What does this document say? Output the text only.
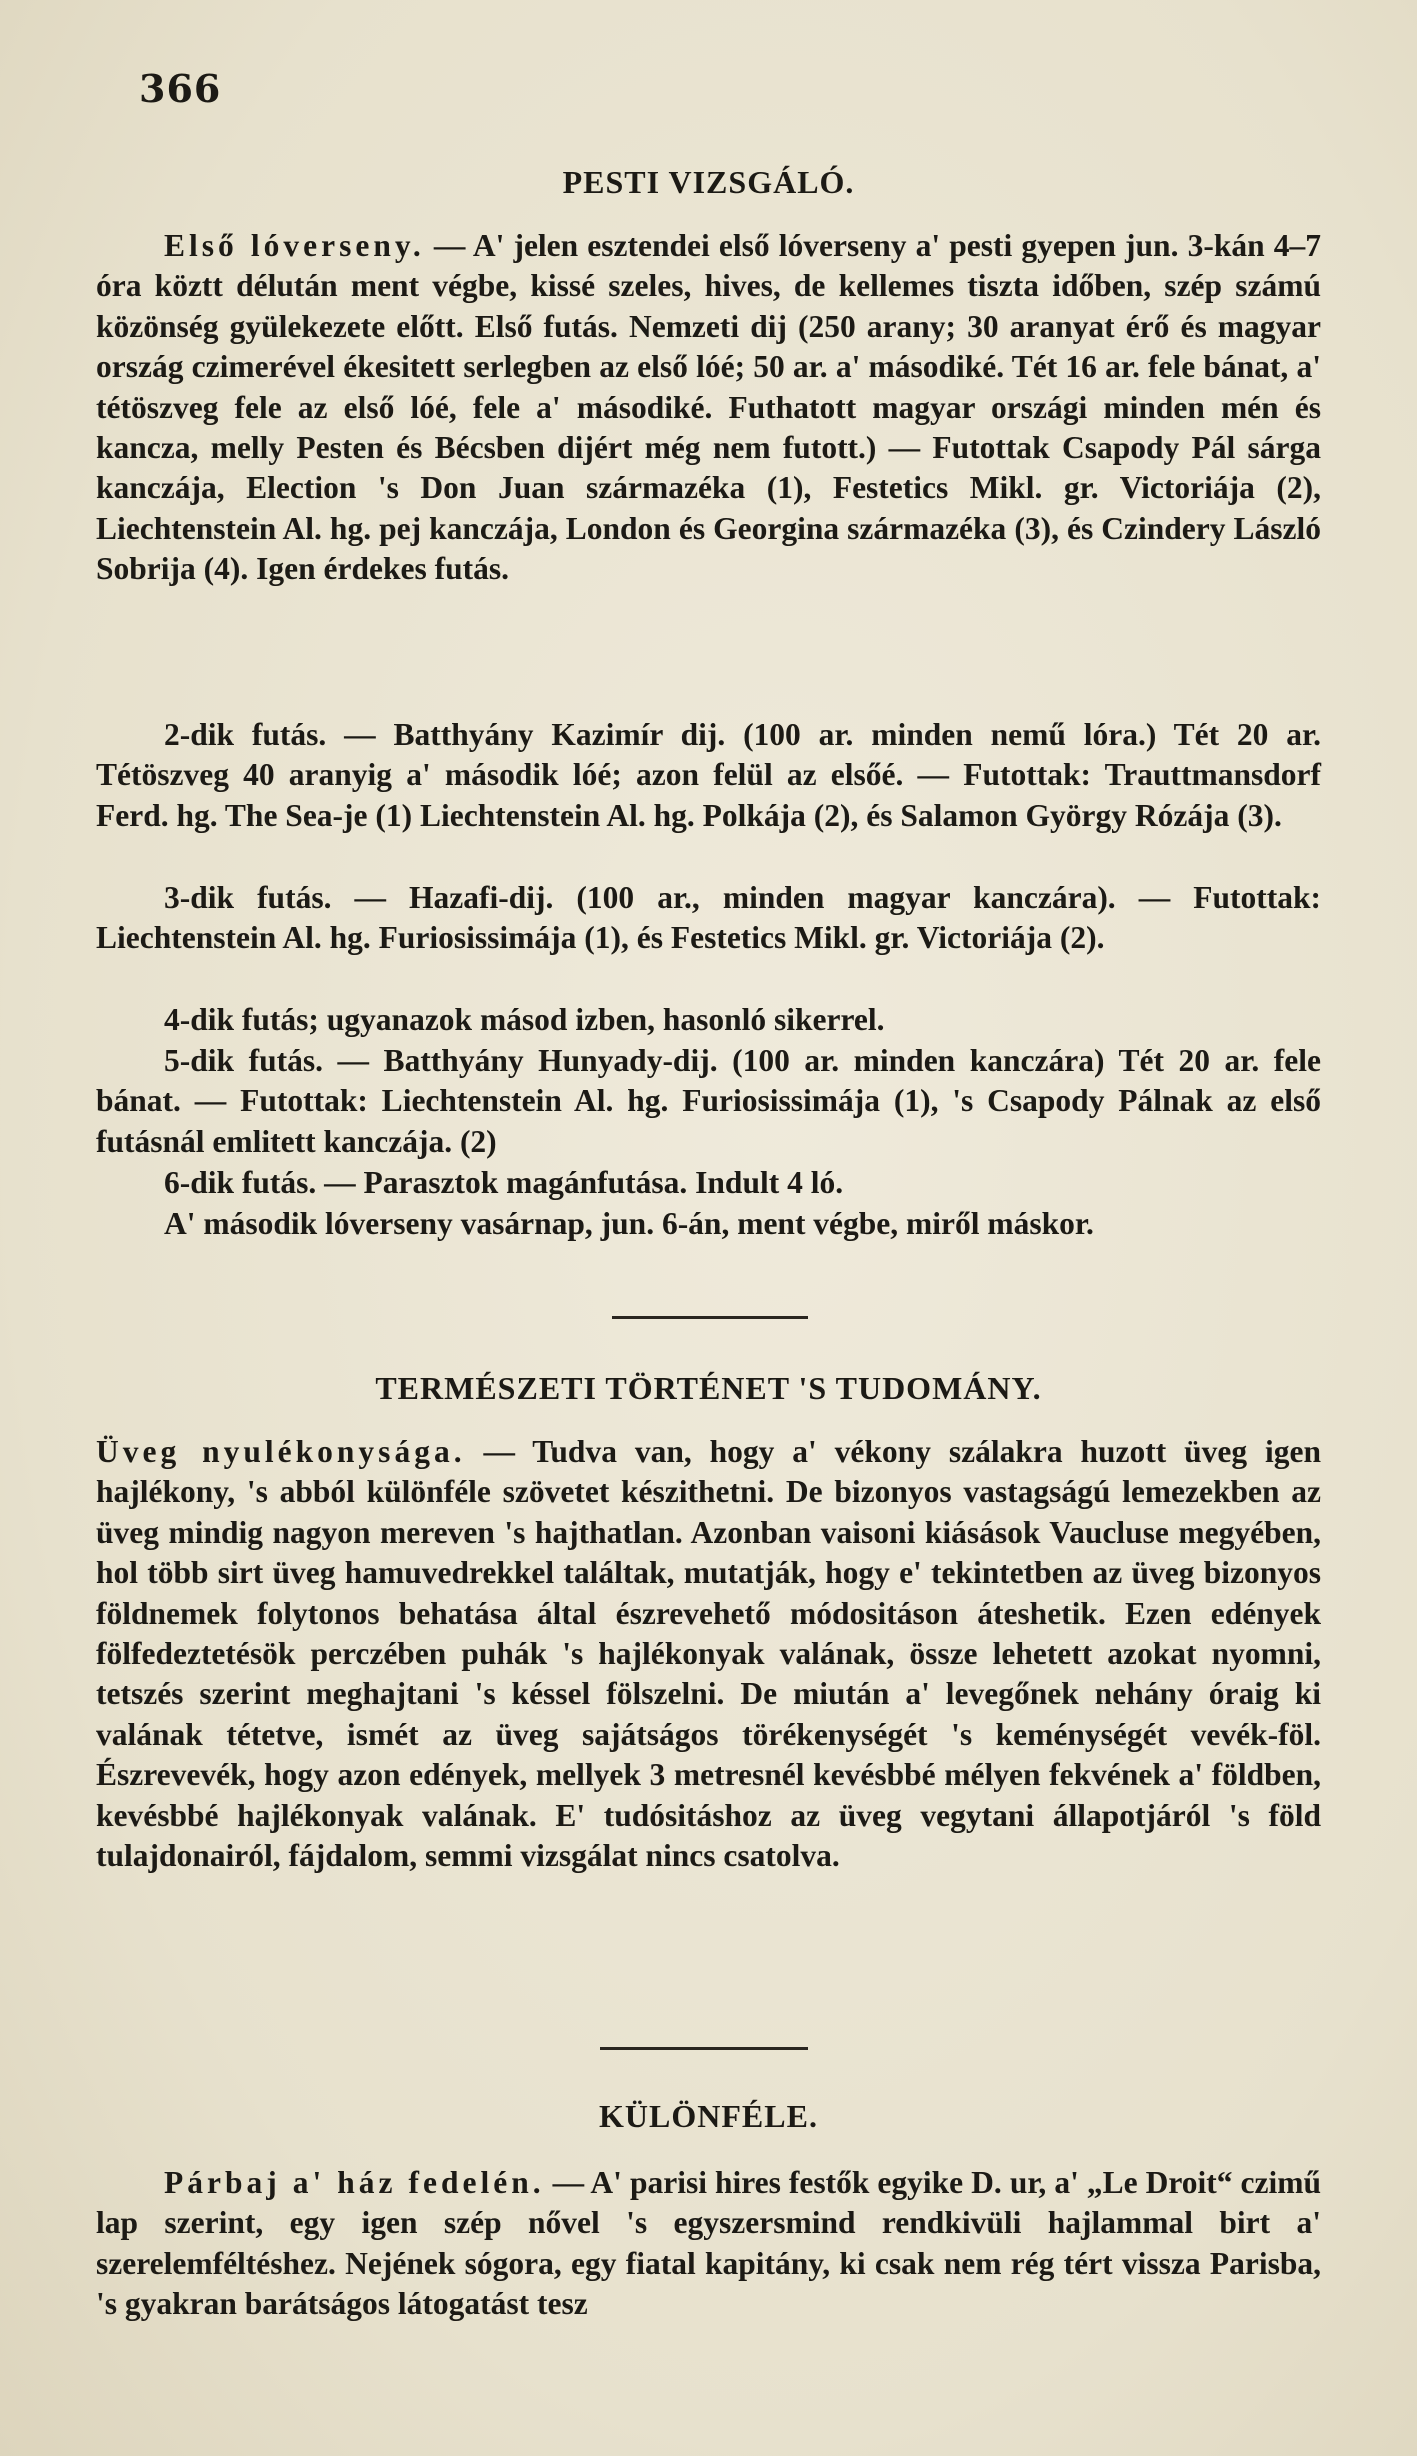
366
PESTI VIZSGÁLÓ.
Első lóverseny. — A' jelen esztendei első lóverseny a' pesti gyepen jun. 3-kán 4–7 óra köztt délután ment végbe, kissé szeles, hives, de kellemes tiszta időben, szép számú közönség gyülekezete előtt. Első futás. Nemzeti dij (250 arany; 30 aranyat érő és magyar ország czimerével ékesitett serlegben az első lóé; 50 ar. a' másodiké. Tét 16 ar. fele bánat, a' tétöszveg fele az első lóé, fele a' másodiké. Futhatott magyar országi minden mén és kancza, melly Pesten és Bécsben dijért még nem futott.) — Futottak Csapody Pál sárga kanczája, Election 's Don Juan származéka (1), Festetics Mikl. gr. Victoriája (2), Liechtenstein Al. hg. pej kanczája, London és Georgina származéka (3), és Czindery László Sobrija (4). Igen érdekes futás.
2-dik futás. — Batthyány Kazimír dij. (100 ar. minden nemű lóra.) Tét 20 ar. Tétöszveg 40 aranyig a' második lóé; azon felül az elsőé. — Futottak: Trauttmansdorf Ferd. hg. The Sea-je (1) Liechtenstein Al. hg. Polkája (2), és Salamon György Rózája (3).
3-dik futás. — Hazafi-dij. (100 ar., minden magyar kanczára). — Futottak: Liechtenstein Al. hg. Furiosissimája (1), és Festetics Mikl. gr. Victoriája (2).
4-dik futás; ugyanazok másod izben, hasonló sikerrel.
5-dik futás. — Batthyány Hunyady-dij. (100 ar. minden kanczára) Tét 20 ar. fele bánat. — Futottak: Liechtenstein Al. hg. Furiosissimája (1), 's Csapody Pálnak az első futásnál emlitett kanczája. (2)
6-dik futás. — Parasztok magánfutása. Indult 4 ló.
A' második lóverseny vasárnap, jun. 6-án, ment végbe, miről máskor.
TERMÉSZETI TÖRTÉNET 'S TUDOMÁNY.
Üveg nyulékonysága. — Tudva van, hogy a' vékony szálakra huzott üveg igen hajlékony, 's abból különféle szövetet készithetni. De bizonyos vastagságú lemezekben az üveg mindig nagyon mereven 's hajthatlan. Azonban vaisoni kiásások Vaucluse megyében, hol több sirt üveg hamuvedrekkel találtak, mutatják, hogy e' tekintetben az üveg bizonyos földnemek folytonos behatása által észrevehető módositáson áteshetik. Ezen edények fölfedeztetésök perczében puhák 's hajlékonyak valának, össze lehetett azokat nyomni, tetszés szerint meghajtani 's késsel fölszelni. De miután a' levegőnek nehány óraig ki valának tétetve, ismét az üveg sajátságos törékenységét 's keménységét vevék-föl. Észrevevék, hogy azon edények, mellyek 3 metresnél kevésbbé mélyen fekvének a' földben, kevésbbé hajlékonyak valának. E' tudósitáshoz az üveg vegytani állapotjáról 's föld tulajdonairól, fájdalom, semmi vizsgálat nincs csatolva.
KÜLÖNFÉLE.
Párbaj a' ház fedelén. — A' parisi hires festők egyike D. ur, a' „Le Droit“ czimű lap szerint, egy igen szép nővel 's egyszersmind rendkivüli hajlammal birt a' szerelemféltéshez. Nejének sógora, egy fiatal kapitány, ki csak nem rég tért vissza Parisba, 's gyakran barátságos látogatást tesz
